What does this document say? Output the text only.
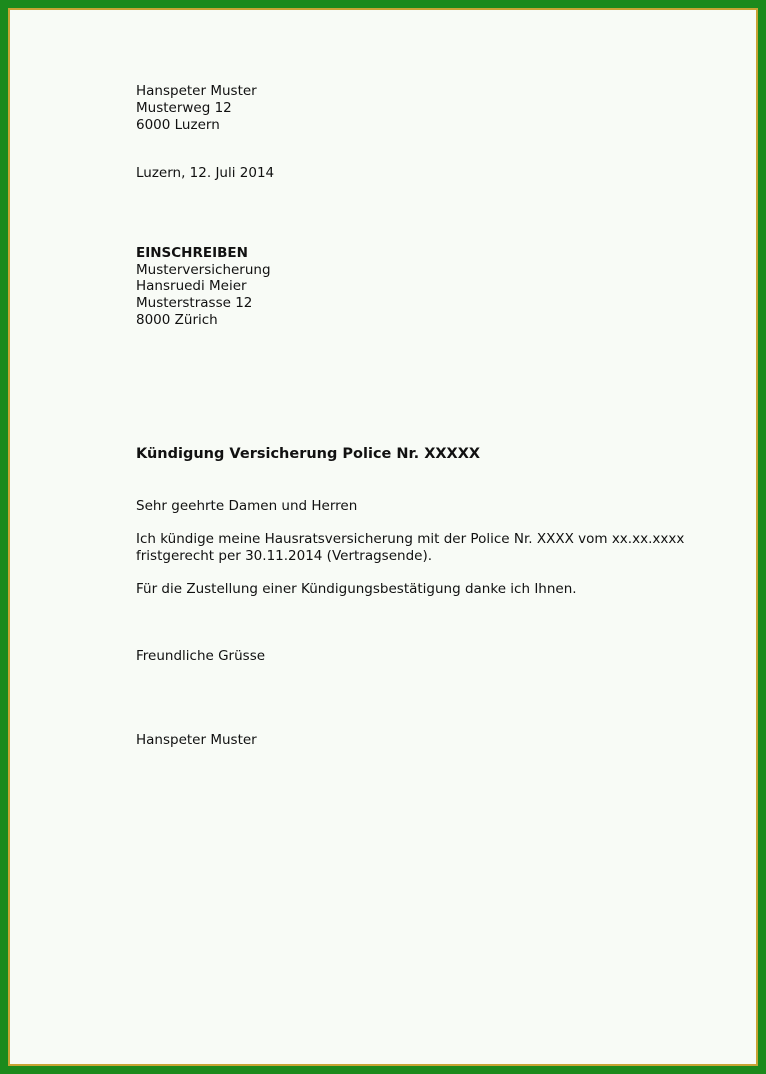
Hanspeter Muster
Musterweg 12
6000 Luzern
Luzern, 12. Juli 2014
EINSCHREIBEN
Musterversicherung
Hansruedi Meier
Musterstrasse 12
8000 Zürich
Kündigung Versicherung Police Nr. XXXXX
Sehr geehrte Damen und Herren
Ich kündige meine Hausratsversicherung mit der Police Nr. XXXX vom xx.xx.xxxx
fristgerecht per 30.11.2014 (Vertragsende).
Für die Zustellung einer Kündigungsbestätigung danke ich Ihnen.
Freundliche Grüsse
Hanspeter Muster
